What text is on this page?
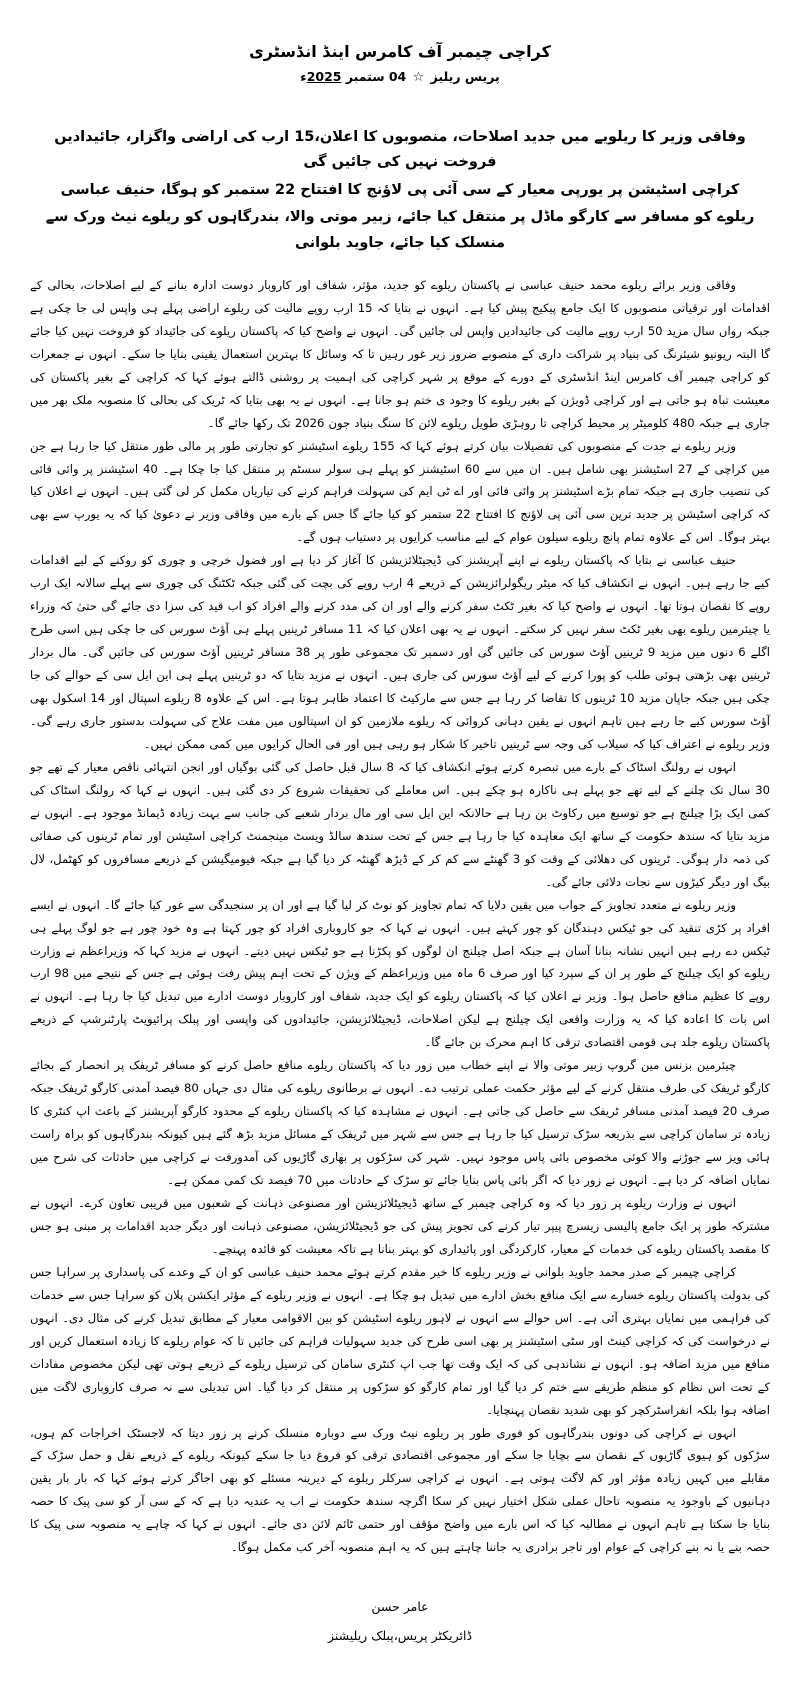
کراچی چیمبر آف کامرس اینڈ انڈسٹری
پریس ریلیز ☆ 04 ستمبر 2025ء
وفاقی وزیر کا ریلویے میں جدید اصلاحات، منصوبوں کا اعلان،15 ارب کی اراضی واگزار، جائیدادیں فروخت نہیں کی جائیں گی
کراچی اسٹیشن پر یورپی معیار کے سی آئی پی لاؤنج کا افتتاح 22 ستمبر کو ہوگا، حنیف عباسی
ریلوے کو مسافر سے کارگو ماڈل پر منتقل کیا جائے، زبیر موتی والا، بندرگاہوں کو ریلوے نیٹ ورک سے منسلک کیا جائے، جاوید بلوانی

وفاقی وزیر برائے ریلوے محمد حنیف عباسی نے پاکستان ریلوے کو جدید، مؤثر، شفاف اور کاروبار دوست ادارہ بنانے کے لیے اصلاحات، بحالی کے اقدامات اور ترقیاتی منصوبوں کا ایک جامع پیکیج پیش کیا ہے۔ انہوں نے بتایا کہ 15 ارب روپے مالیت کی ریلوے اراضی پہلے ہی واپس لی جا چکی ہے جبکہ رواں سال مزید 50 ارب روپے مالیت کی جائیدادیں واپس لی جائیں گی۔ انہوں نے واضح کیا کہ پاکستان ریلوے کی جائیداد کو فروخت نہیں کیا جائے گا البتہ ریونیو شیئرنگ کی بنیاد پر شراکت داری کے منصوبے ضرور زیر غور رہیں تا کہ وسائل کا بہترین استعمال یقینی بنایا جا سکے۔ انہوں نے جمعرات کو کراچی چیمبر آف کامرس اینڈ انڈسٹری کے دورے کے موقع پر شہر کراچی کی اہمیت پر روشنی ڈالتے ہوئے کہا کہ کراچی کے بغیر پاکستان کی معیشت تباہ ہو جاتی ہے اور کراچی ڈویژن کے بغیر ریلوے کا وجود ی ختم ہو جانا ہے۔ انہوں نے یہ بھی بتایا کہ ٹریک کی بحالی کا منصوبہ ملک بھر میں جاری ہے جبکہ 480 کلومیٹر پر محیط کراچی تا روہڑی طویل ریلوے لائن کا سنگ بنیاد جون 2026 تک رکھا جائے گا۔

وزیر ریلوے نے جدت کے منصوبوں کی تفصیلات بیان کرتے ہوئے کہا کہ 155 ریلوے اسٹیشنز کو تجارتی طور پر مالی طور منتقل کیا جا رہا ہے جن میں کراچی کے 27 اسٹیشنز بھی شامل ہیں۔ ان میں سے 60 اسٹیشنز کو پہلے ہی سولر سسٹم پر منتقل کیا جا چکا ہے۔ 40 اسٹیشنز پر وائی فائی کی تنصیب جاری ہے جبکہ تمام بڑے اسٹیشنز پر وائی فائی اور اے ٹی ایم کی سہولت فراہم کرنے کی تیاریاں مکمل کر لی گئی ہیں۔ انہوں نے اعلان کیا کہ کراچی اسٹیشن پر جدید ترین سی آئی پی لاؤنج کا افتتاح 22 ستمبر کو کیا جائے گا جس کے بارے میں وفاقی وزیر نے دعویٰ کیا کہ یہ یورپ سے بھی بہتر ہوگا۔ اس کے علاوہ تمام پانچ ریلوے سیلون عوام کے لیے مناسب کرایوں پر دستیاب ہوں گے۔

حنیف عباسی نے بتایا کہ پاکستان ریلوے نے اپنے آپریشنز کی ڈیجیٹلائزیشن کا آغاز کر دیا ہے اور فضول خرچی و چوری کو روکنے کے لیے اقدامات کیے جا رہے ہیں۔ انہوں نے انکشاف کیا کہ میٹر ریگولرائزیشن کے ذریعے 4 ارب روپے کی بچت کی گئی جبکہ ٹکٹنگ کی چوری سے پہلے سالانہ ایک ارب روپے کا نقصان ہوتا تھا۔ انہوں نے واضح کیا کہ بغیر ٹکٹ سفر کرنے والے اور ان کی مدد کرنے والے افراد کو اب قید کی سزا دی جائے گی حتیٰ کہ وزراء یا چیئرمین ریلوے بھی بغیر ٹکٹ سفر نہیں کر سکتے۔ انہوں نے یہ بھی اعلان کیا کہ 11 مسافر ٹرینیں پہلے ہی آؤٹ سورس کی جا چکی ہیں اسی طرح اگلے 6 دنوں میں مزید 9 ٹرینیں آؤٹ سورس کی جائیں گی اور دسمبر تک مجموعی طور پر 38 مسافر ٹرینیں آؤٹ سورس کی جائیں گی۔ مال بردار ٹرینیں بھی بڑھتی ہوئی طلب کو پورا کرنے کے لیے آؤٹ سورس کی جاری ہیں۔ انہوں نے مزید بتایا کہ دو ٹرینیں پہلے ہی این ایل سی کے حوالے کی جا چکی ہیں جبکہ جاپان مزید 10 ٹرینوں کا تقاضا کر رہا ہے جس سے مارکیٹ کا اعتماد ظاہر ہوتا ہے۔ اس کے علاوہ 8 ریلوے اسپتال اور 14 اسکول بھی آؤٹ سورس کیے جا رہے ہیں تاہم انہوں نے یقین دہانی کروائی کہ ریلوے ملازمین کو ان اسپتالوں میں مفت علاج کی سہولت بدستور جاری رہے گی۔ وزیر ریلوے نے اعتراف کیا کہ سیلاب کی وجہ سے ٹرینیں تاخیر کا شکار ہو رہی ہیں اور فی الحال کرایوں میں کمی ممکن نہیں۔

انہوں نے رولنگ اسٹاک کے بارے میں تبصرہ کرتے ہوئے انکشاف کیا کہ 8 سال قبل حاصل کی گئی بوگیاں اور انجن انتہائی ناقص معیار کے تھے جو 30 سال تک چلنے کے لیے تھے جو پہلے ہی ناکارہ ہو چکے ہیں۔ اس معاملے کی تحقیقات شروع کر دی گئی ہیں۔ انہوں نے کہا کہ رولنگ اسٹاک کی کمی ایک بڑا چیلنج ہے جو توسیع میں رکاوٹ بن رہا ہے حالانکہ این ایل سی اور مال بردار شعبے کی جانب سے بہت زیادہ ڈیمانڈ موجود ہے۔ انہوں نے مزید بتایا کہ سندھ حکومت کے ساتھ ایک معاہدہ کیا جا رہا ہے جس کے تحت سندھ سالڈ ویسٹ مینجمنٹ کراچی اسٹیشن اور تمام ٹرینوں کی صفائی کی ذمہ دار ہوگی۔ ٹرینوں کی دھلائی کے وقت کو 3 گھنٹے سے کم کر کے ڈیڑھ گھنٹہ کر دیا گیا ہے جبکہ فیومیگیشن کے ذریعے مسافروں کو کھٹمل، لال بیگ اور دیگر کیڑوں سے نجات دلائی جائے گی۔

وزیر ریلوے نے متعدد تجاویز کے جواب میں یقین دلایا کہ تمام تجاویز کو نوٹ کر لیا گیا ہے اور ان پر سنجیدگی سے غور کیا جائے گا۔ انہوں نے ایسے افراد پر کڑی تنقید کی جو ٹیکس دہندگان کو چور کہتے ہیں۔ انہوں نے کہا کہ جو کاروباری افراد کو چور کہتا ہے وہ خود چور ہے جو لوگ پہلے ہی ٹیکس دے رہے ہیں انہیں نشانہ بنانا آسان ہے جبکہ اصل چیلنج ان لوگوں کو پکڑنا ہے جو ٹیکس نہیں دیتے۔ انہوں نے مزید کہا کہ وزیراعظم نے وزارت ریلوے کو ایک چیلنج کے طور پر ان کے سپرد کیا اور صرف 6 ماہ میں وزیراعظم کے ویژن کے تحت اہم پیش رفت ہوئی ہے جس کے نتیجے میں 98 ارب روپے کا عظیم منافع حاصل ہوا۔ وزیر نے اعلان کیا کہ پاکستان ریلوے کو ایک جدید، شفاف اور کاروبار دوست ادارے میں تبدیل کیا جا رہا ہے۔ انہوں نے اس بات کا اعادہ کیا کہ یہ وزارت واقعی ایک چیلنج ہے لیکن اصلاحات، ڈیجیٹلائزیشن، جائیدادوں کی واپسی اور پبلک پرائیویٹ پارٹنرشپ کے ذریعے پاکستان ریلوے جلد ہی قومی اقتصادی ترقی کا اہم محرک بن جائے گا۔

چیئرمین بزنس مین گروپ زبیر موتی والا نے اپنے خطاب میں زور دیا کہ پاکستان ریلوے منافع حاصل کرنے کو مسافر ٹریفک پر انحصار کے بجائے کارگو ٹریفک کی طرف منتقل کرنے کے لیے مؤثر حکمت عملی ترتیب دے۔ انہوں نے برطانوی ریلوے کی مثال دی جہاں 80 فیصد آمدنی کارگو ٹریفک جبکہ صرف 20 فیصد آمدنی مسافر ٹریفک سے حاصل کی جاتی ہے۔ انہوں نے مشاہدہ کیا کہ پاکستان ریلوے کے محدود کارگو آپریشنز کے باعث اپ کنٹری کا زیادہ تر سامان کراچی سے بذریعہ سڑک ترسیل کیا جا رہا ہے جس سے شہر میں ٹریفک کے مسائل مزید بڑھ گئے ہیں کیونکہ بندرگاہوں کو براہ راست ہائی ویز سے جوڑنے والا کوئی مخصوص بائی پاس موجود نہیں۔ شہر کی سڑکوں پر بھاری گاڑیوں کی آمدورفت نے کراچی میں حادثات کی شرح میں نمایاں اضافہ کر دیا ہے۔ انہوں نے زور دیا کہ اگر بائی پاس بنایا جائے تو سڑک کے حادثات میں 70 فیصد تک کمی ممکن ہے۔

انہوں نے وزارت ریلوے پر زور دیا کہ وہ کراچی چیمبر کے ساتھ ڈیجیٹلائزیشن اور مصنوعی ذہانت کے شعبوں میں قریبی تعاون کرے۔ انہوں نے مشترکہ طور پر ایک جامع پالیسی ریسرچ پیپر تیار کرنے کی تجویز پیش کی جو ڈیجیٹلائزیشن، مصنوعی ذہانت اور دیگر جدید اقدامات پر مبنی ہو جس کا مقصد پاکستان ریلوے کی خدمات کے معیار، کارکردگی اور پائیداری کو بہتر بنانا ہے تاکہ معیشت کو فائدہ پہنچے۔

کراچی چیمبر کے صدر محمد جاوید بلوانی نے وزیر ریلوے کا خیر مقدم کرتے ہوئے محمد حنیف عباسی کو ان کے وعدے کی پاسداری پر سراہا جس کی بدولت پاکستان ریلوے خسارے سے ایک منافع بخش ادارے میں تبدیل ہو چکا ہے۔ انہوں نے وزیر ریلوے کے مؤثر ایکشن پلان کو سراہا جس سے خدمات کی فراہمی میں نمایاں بہتری آئی ہے۔ اس حوالے سے انہوں نے لاہور ریلوے اسٹیشن کو بین الاقوامی معیار کے مطابق تبدیل کرنے کی مثال دی۔ انہوں نے درخواست کی کہ کراچی کینٹ اور سٹی اسٹیشنز پر بھی اسی طرح کی جدید سہولیات فراہم کی جائیں تا کہ عوام ریلوے کا زیادہ استعمال کریں اور منافع میں مزید اضافہ ہو۔ انہوں نے نشاندہی کی کہ ایک وقت تھا جب اپ کنٹری سامان کی ترسیل ریلوے کے ذریعے ہوتی تھی لیکن مخصوص مفادات کے تحت اس نظام کو منظم طریقے سے ختم کر دیا گیا اور تمام کارگو کو سڑکوں پر منتقل کر دیا گیا۔ اس تبدیلی سے نہ صرف کاروباری لاگت میں اضافہ ہوا بلکہ انفراسٹرکچر کو بھی شدید نقصان پہنچایا۔

انہوں نے کراچی کی دونوں بندرگاہوں کو فوری طور پر ریلوے نیٹ ورک سے دوبارہ منسلک کرنے پر زور دیتا کہ لاجسٹک اخراجات کم ہوں، سڑکوں کو ہیوی گاڑیوں کے نقصان سے بچایا جا سکے اور مجموعی اقتصادی ترقی کو فروغ دیا جا سکے کیونکہ ریلوے کے ذریعے نقل و حمل سڑک کے مقابلے میں کہیں زیادہ مؤثر اور کم لاگت ہوتی ہے۔ انہوں نے کراچی سرکلر ریلوے کے دیرینہ مسئلے کو بھی اجاگر کرتے ہوئے کہا کہ بار بار یقین دہانیوں کے باوجود یہ منصوبہ تاحال عملی شکل اختیار نہیں کر سکا اگرچہ سندھ حکومت نے اب یہ عندیہ دیا ہے کہ کے سی آر کو سی پیک کا حصہ بنایا جا سکتا ہے تاہم انہوں نے مطالبہ کیا کہ اس بارے میں واضح مؤقف اور حتمی ٹائم لائن دی جائے۔ انہوں نے کہا کہ چاہے یہ منصوبہ سی پیک کا حصہ بنے یا نہ بنے کراچی کے عوام اور تاجر برادری یہ جاننا چاہتے ہیں کہ یہ اہم منصوبہ آخر کب مکمل ہوگا۔

عامر حسن
ڈائریکٹر پریس،پبلک ریلیشنز
